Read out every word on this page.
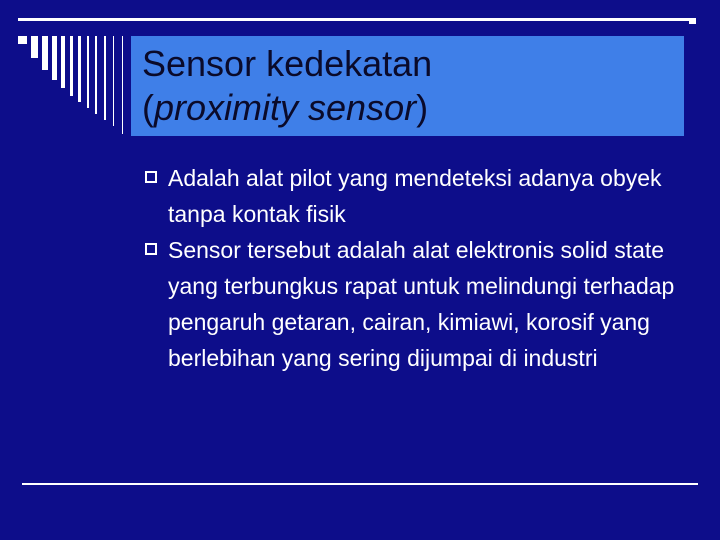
Sensor kedekatan
(proximity sensor)
Adalah alat pilot yang mendeteksi adanya obyek tanpa kontak fisik
Sensor tersebut adalah alat elektronis solid state yang terbungkus rapat untuk melindungi terhadap pengaruh getaran, cairan, kimiawi, korosif yang berlebihan yang sering dijumpai di industri
